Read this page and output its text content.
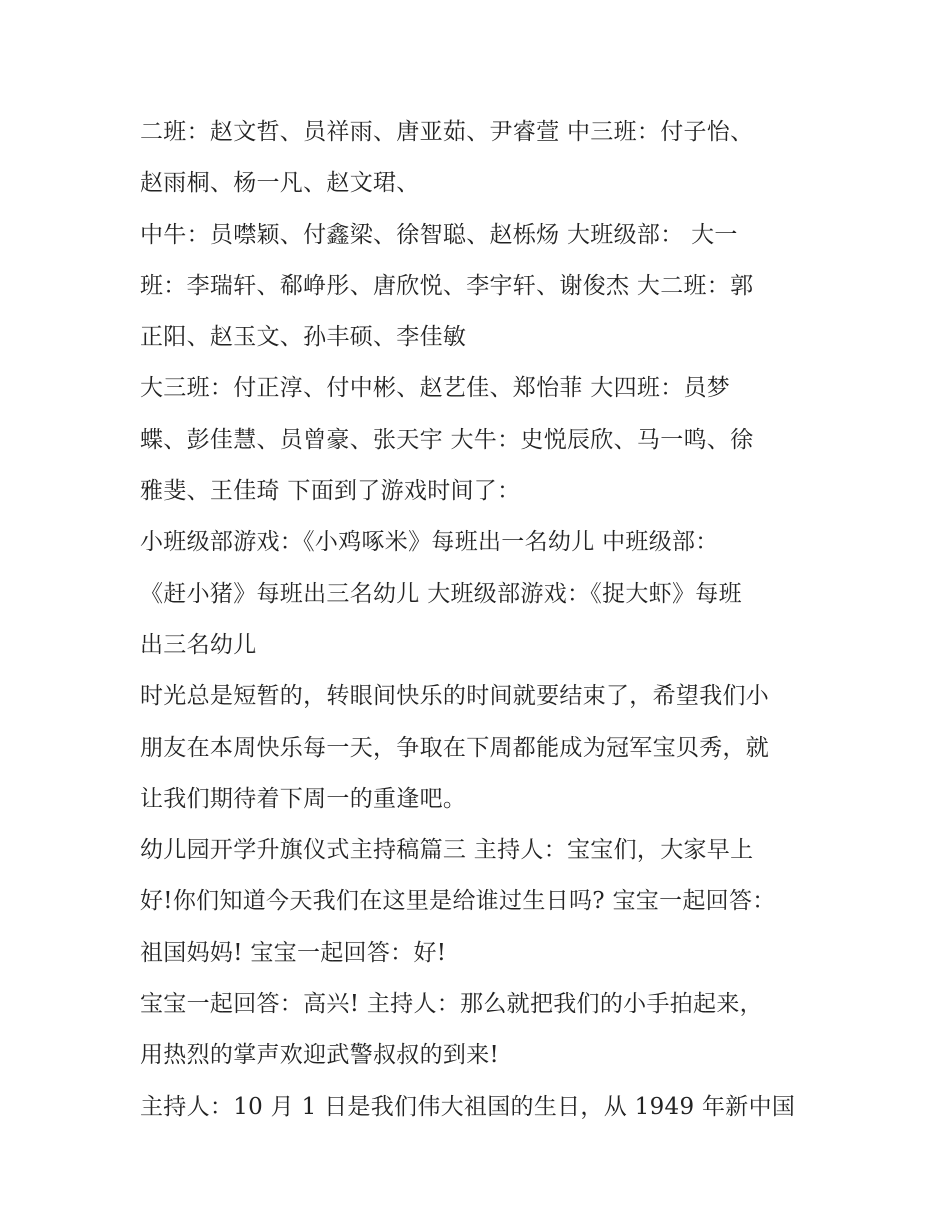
二班：赵文哲、员祥雨、唐亚茹、尹睿萱 中三班：付子怡、
赵雨桐、杨一凡、赵文珺、
中牛：员噤颖、付鑫梁、徐智聪、赵栎炀 大班级部： 大一
班：李瑞轩、郗峥彤、唐欣悦、李宇轩、谢俊杰 大二班：郭
正阳、赵玉文、孙丰硕、李佳敏
大三班：付正淳、付中彬、赵艺佳、郑怡菲 大四班：员梦
蝶、彭佳慧、员曾豪、张天宇 大牛：史悦辰欣、马一鸣、徐
雅斐、王佳琦 下面到了游戏时间了：
小班级部游戏：《小鸡啄米》每班出一名幼儿 中班级部：
《赶小猪》每班出三名幼儿 大班级部游戏：《捉大虾》每班
出三名幼儿
时光总是短暂的，转眼间快乐的时间就要结束了，希望我们小
朋友在本周快乐每一天，争取在下周都能成为冠军宝贝秀，就
让我们期待着下周一的重逢吧。
幼儿园开学升旗仪式主持稿篇三 主持人：宝宝们，大家早上
好!你们知道今天我们在这里是给谁过生日吗? 宝宝一起回答：
祖国妈妈! 宝宝一起回答：好!
宝宝一起回答：高兴! 主持人：那么就把我们的小手拍起来，
用热烈的掌声欢迎武警叔叔的到来!
主持人：10 月 1 日是我们伟大祖国的生日，从 1949 年新中国
